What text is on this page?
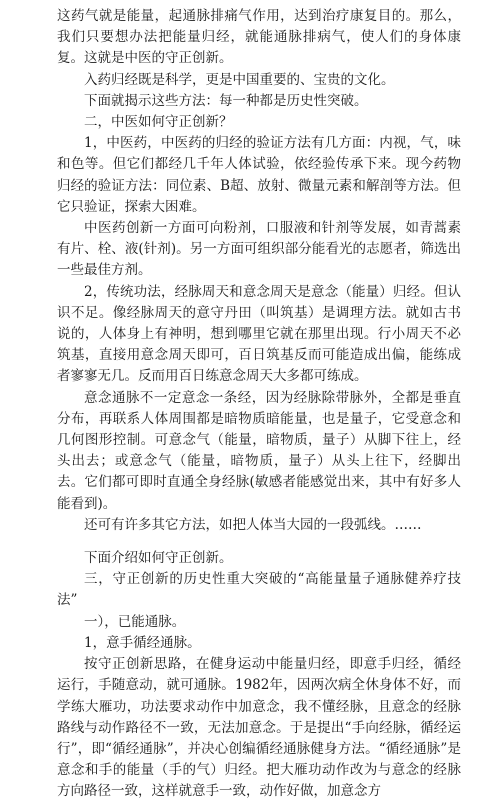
这药气就是能量，起通脉排痛气作用，达到治疗康复目的。那么，我们只要想办法把能量归经，就能通脉排病气，使人们的身体康复。这就是中医的守正创新。

入药归经既是科学，更是中国重要的、宝贵的文化。

下面就揭示这些方法：每一种都是历史性突破。

二，中医如何守正创新？

1，中医药，中医药的归经的验证方法有几方面：内视，气，味和色等。但它们都经几千年人体试验，依经验传承下来。现今药物归经的验证方法：同位素、B超、放射、微量元素和解剖等方法。但它只验证，探索大困难。

中医药创新一方面可向粉剂，口服液和针剂等发展，如青蒿素有片、栓、液(针剂)。另一方面可组织部分能看光的志愿者，筛选出一些最佳方剂。

2，传统功法，经脉周天和意念周天是意念（能量）归经。但认识不足。像经脉周天的意守丹田（叫筑基）是调理方法。就如古书说的，人体身上有神明，想到哪里它就在那里出现。行小周天不必筑基，直接用意念周天即可，百日筑基反而可能造成出偏，能练成者寥寥无几。反而用百日练意念周天大多都可练成。

意念通脉不一定意念一条经，因为经脉除带脉外，全都是垂直分布，再联系人体周围都是暗物质暗能量，也是量子，它受意念和几何图形控制。可意念气（能量，暗物质，量子）从脚下往上，经头出去；或意念气（能量，暗物质，量子）从头上往下，经脚出去。它们都可即时直通全身经脉(敏感者能感觉出来，其中有好多人能看到)。

还可有许多其它方法，如把人体当大园的一段弧线。……

下面介绍如何守正创新。

三，守正创新的历史性重大突破的“高能量量子通脉健养疗技法”

一），已能通脉。

1，意手循经通脉。

按守正创新思路，在健身运动中能量归经，即意手归经，循经运行，手随意动，就可通脉。1982年，因两次病全休身体不好，而学练大雁功，功法要求动作中加意念，我不懂经脉，且意念的经脉路线与动作路径不一致，无法加意念。于是提出“手向经脉，循经运行”，即“循经通脉”，并决心创编循经通脉健身方法。“循经通脉”是意念和手的能量（手的气）归经。把大雁功动作改为与意念的经脉方向路径一致，这样就意手一致，动作好做，加意念方
